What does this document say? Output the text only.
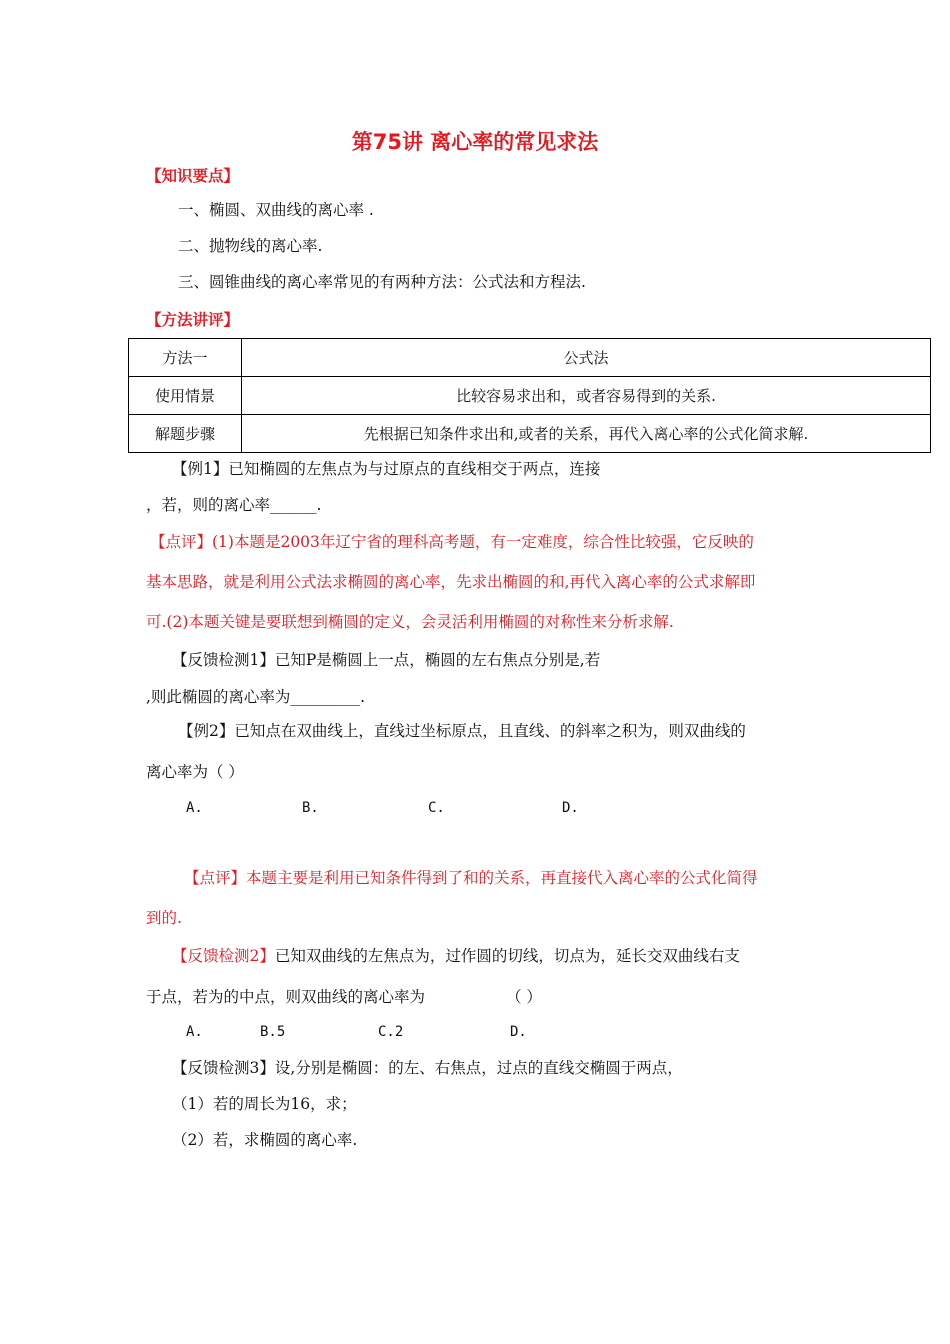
第75讲 离心率的常见求法
【知识要点】
一、椭圆、双曲线的离心率 .
二、抛物线的离心率.
三、圆锥曲线的离心率常见的有两种方法：公式法和方程法.
【方法讲评】
方法一	公式法
使用情景	比较容易求出和，或者容易得到的关系.
解题步骤	先根据已知条件求出和,或者的关系，再代入离心率的公式化简求解.
【例1】已知椭圆的左焦点为与过原点的直线相交于两点，连接
，若，则的离心率______.
【点评】(1)本题是2003年辽宁省的理科高考题，有一定难度，综合性比较强，它反映的
基本思路，就是利用公式法求椭圆的离心率，先求出椭圆的和,再代入离心率的公式求解即
可.(2)本题关键是要联想到椭圆的定义，会灵活利用椭圆的对称性来分析求解.
【反馈检测1】已知P是椭圆上一点，椭圆的左右焦点分别是,若
,则此椭圆的离心率为_________.
【例2】已知点在双曲线上，直线过坐标原点，且直线、的斜率之积为，则双曲线的
离心率为（ ）
A.	B.	C.	D.
【点评】本题主要是利用已知条件得到了和的关系，再直接代入离心率的公式化简得
到的.
【反馈检测2】已知双曲线的左焦点为，过作圆的切线，切点为，延长交双曲线右支
于点，若为的中点，则双曲线的离心率为	（ ）
A.	B.5	C.2	D.
【反馈检测3】设,分别是椭圆：的左、右焦点，过点的直线交椭圆于两点，
（1）若的周长为16，求；
（2）若，求椭圆的离心率.
